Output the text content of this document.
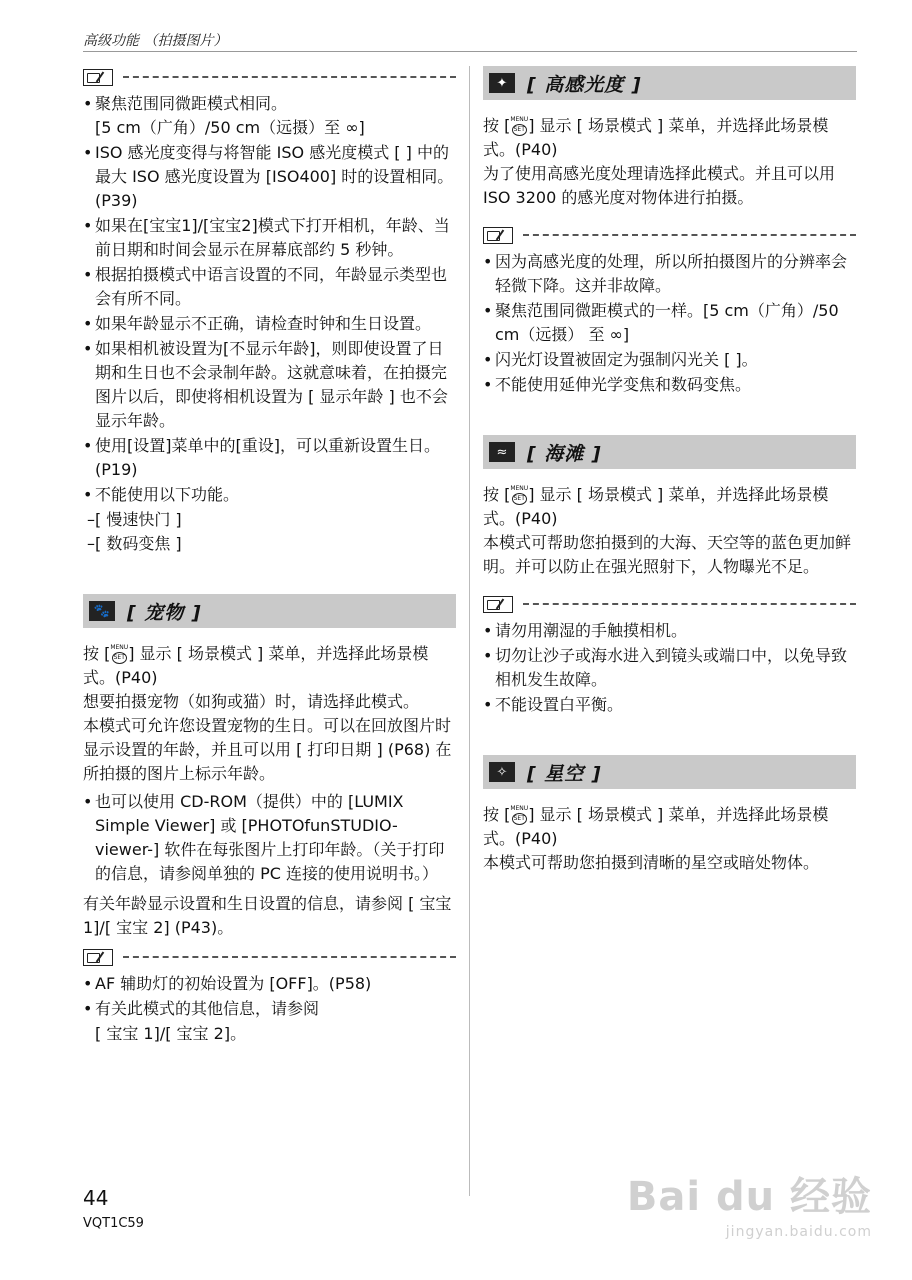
高级功能 （拍摄图片）
• 聚焦范围同微距模式相同。
[5 cm（广角）/50 cm（远摄）至 ∞]
• ISO 感光度变得与将智能 ISO 感光度模式 [ ] 中的最大 ISO 感光度设置为 [ISO400] 时的设置相同。(P39)
• 如果在[宝宝1]/[宝宝2]模式下打开相机，年龄、当前日期和时间会显示在屏幕底部约 5 秒钟。
• 根据拍摄模式中语言设置的不同，年龄显示类型也会有所不同。
• 如果年龄显示不正确，请检查时钟和生日设置。
• 如果相机被设置为[不显示年龄]，则即使设置了日期和生日也不会录制年龄。这就意味着，在拍摄完图片以后，即使将相机设置为 [ 显示年龄 ] 也不会显示年龄。
• 使用[设置]菜单中的[重设]，可以重新设置生日。(P19)
• 不能使用以下功能。
–[ 慢速快门 ]
–[ 数码变焦 ]
🐾 [ 宠物 ]

按 [MENU
SET ] 显示 [ 场景模式 ] 菜单，并选择此场景模式。(P40)

想要拍摄宠物（如狗或猫）时，请选择此模式。

本模式可允许您设置宠物的生日。可以在回放图片时显示设置的年龄，并且可以用 [ 打印日期 ] (P68) 在所拍摄的图片上标示年龄。

• 也可以使用 CD-ROM（提供）中的 [LUMIX Simple Viewer] 或 [PHOTOfunSTUDIO-viewer-] 软件在每张图片上打印年龄。（关于打印的信息，请参阅单独的 PC 连接的使用说明书。）

有关年龄显示设置和生日设置的信息，请参阅 [ 宝宝 1]/[ 宝宝 2] (P43)。

• AF 辅助灯的初始设置为 [OFF]。(P58)
• 有关此模式的其他信息，请参阅
[ 宝宝 1]/[ 宝宝 2]。
✦	[ 高感光度 ]

按 [MENU
SET ] 显示 [ 场景模式 ] 菜单，并选择此场景模式。(P40)

为了使用高感光度处理请选择此模式。并且可以用 ISO 3200 的感光度对物体进行拍摄。

• 因为高感光度的处理，所以所拍摄图片的分辨率会轻微下降。这并非故障。
• 聚焦范围同微距模式的一样。[5 cm（广角）/50 cm（远摄） 至 ∞]
• 闪光灯设置被固定为强制闪光关 [ ]。
• 不能使用延伸光学变焦和数码变焦。
≈	[ 海滩 ]

按 [MENU
SET ] 显示 [ 场景模式 ] 菜单，并选择此场景模式。(P40)

本模式可帮助您拍摄到的大海、天空等的蓝色更加鲜明。并可以防止在强光照射下，人物曝光不足。

• 请勿用潮湿的手触摸相机。
• 切勿让沙子或海水进入到镜头或端口中，以免导致相机发生故障。
• 不能设置白平衡。
✧	[ 星空 ]

按 [MENU
SET ] 显示 [ 场景模式 ] 菜单，并选择此场景模式。(P40)

本模式可帮助您拍摄到清晰的星空或暗处物体。

44
VQT1C59
Bai du 经验
jingyan.baidu.com
